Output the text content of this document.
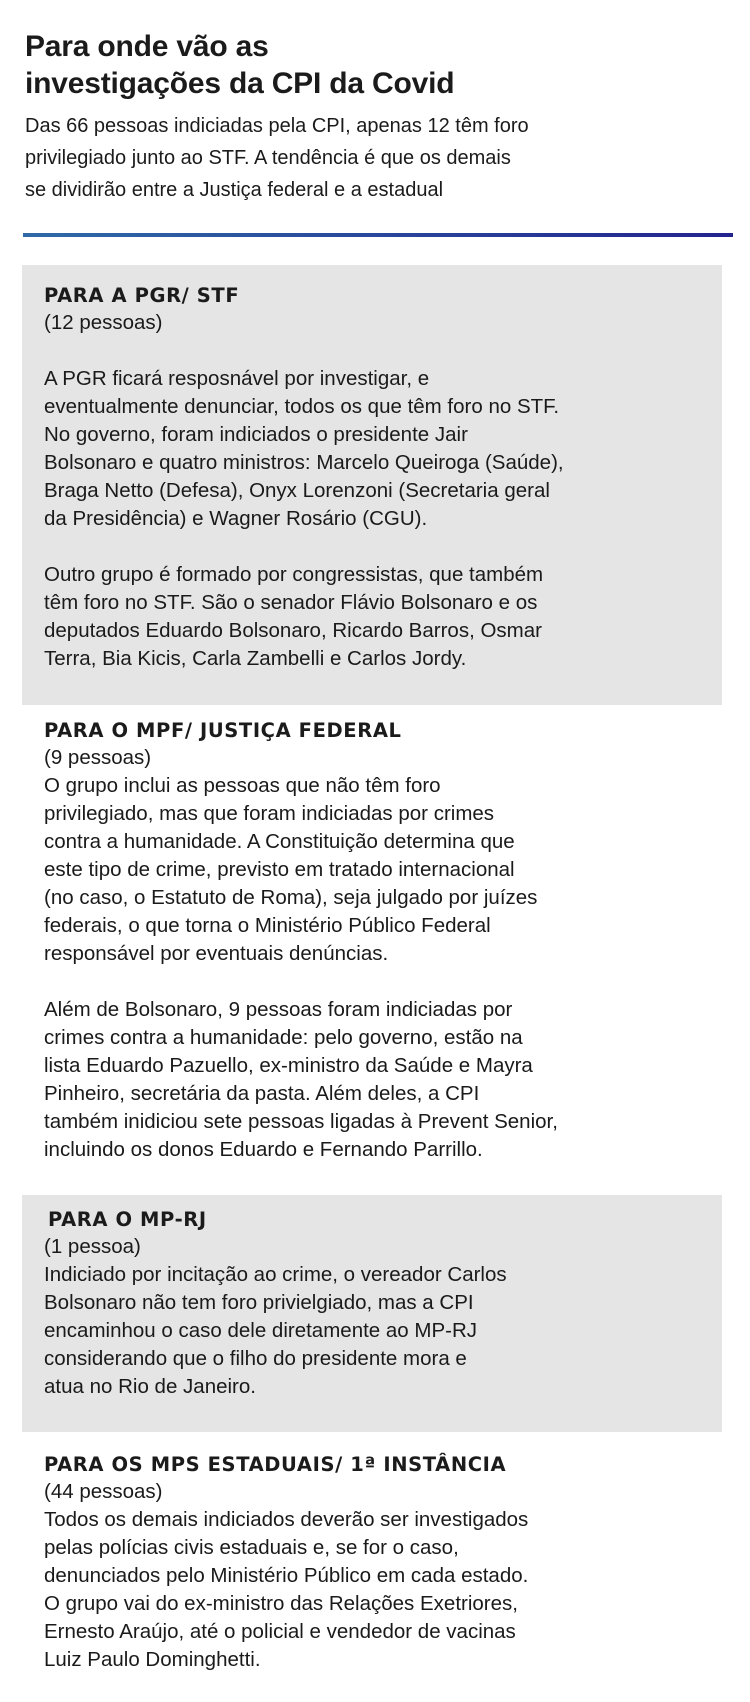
Para onde vão as
investigações da CPI da Covid

Das 66 pessoas indiciadas pela CPI, apenas 12 têm foro
privilegiado junto ao STF. A tendência é que os demais
se dividirão entre a Justiça federal e a estadual

PARA A PGR/ STF

(12 pessoas)

A PGR ficará resposnável por investigar, e
eventualmente denunciar, todos os que têm foro no STF.
No governo, foram indiciados o presidente Jair
Bolsonaro e quatro ministros: Marcelo Queiroga (Saúde),
Braga Netto (Defesa), Onyx Lorenzoni (Secretaria geral
da Presidência) e Wagner Rosário (CGU).

Outro grupo é formado por congressistas, que também
têm foro no STF. São o senador Flávio Bolsonaro e os
deputados Eduardo Bolsonaro, Ricardo Barros, Osmar
Terra, Bia Kicis, Carla Zambelli e Carlos Jordy.

PARA O MPF/ JUSTIÇA FEDERAL

(9 pessoas)

O grupo inclui as pessoas que não têm foro
privilegiado, mas que foram indiciadas por crimes
contra a humanidade. A Constituição determina que
este tipo de crime, previsto em tratado internacional
(no caso, o Estatuto de Roma), seja julgado por juízes
federais, o que torna o Ministério Público Federal
responsável por eventuais denúncias.

Além de Bolsonaro, 9 pessoas foram indiciadas por
crimes contra a humanidade: pelo governo, estão na
lista Eduardo Pazuello, ex-ministro da Saúde e Mayra
Pinheiro, secretária da pasta. Além deles, a CPI
também inidiciou sete pessoas ligadas à Prevent Senior,
incluindo os donos Eduardo e Fernando Parrillo.

PARA O MP-RJ

(1 pessoa)

Indiciado por incitação ao crime, o vereador Carlos
Bolsonaro não tem foro privielgiado, mas a CPI
encaminhou o caso dele diretamente ao MP-RJ
considerando que o filho do presidente mora e
atua no Rio de Janeiro.

PARA OS MPS ESTADUAIS/ 1ª INSTÂNCIA

(44 pessoas)

Todos os demais indiciados deverão ser investigados
pelas polícias civis estaduais e, se for o caso,
denunciados pelo Ministério Público em cada estado.
O grupo vai do ex-ministro das Relações Exetriores,
Ernesto Araújo, até o policial e vendedor de vacinas
Luiz Paulo Dominghetti.
